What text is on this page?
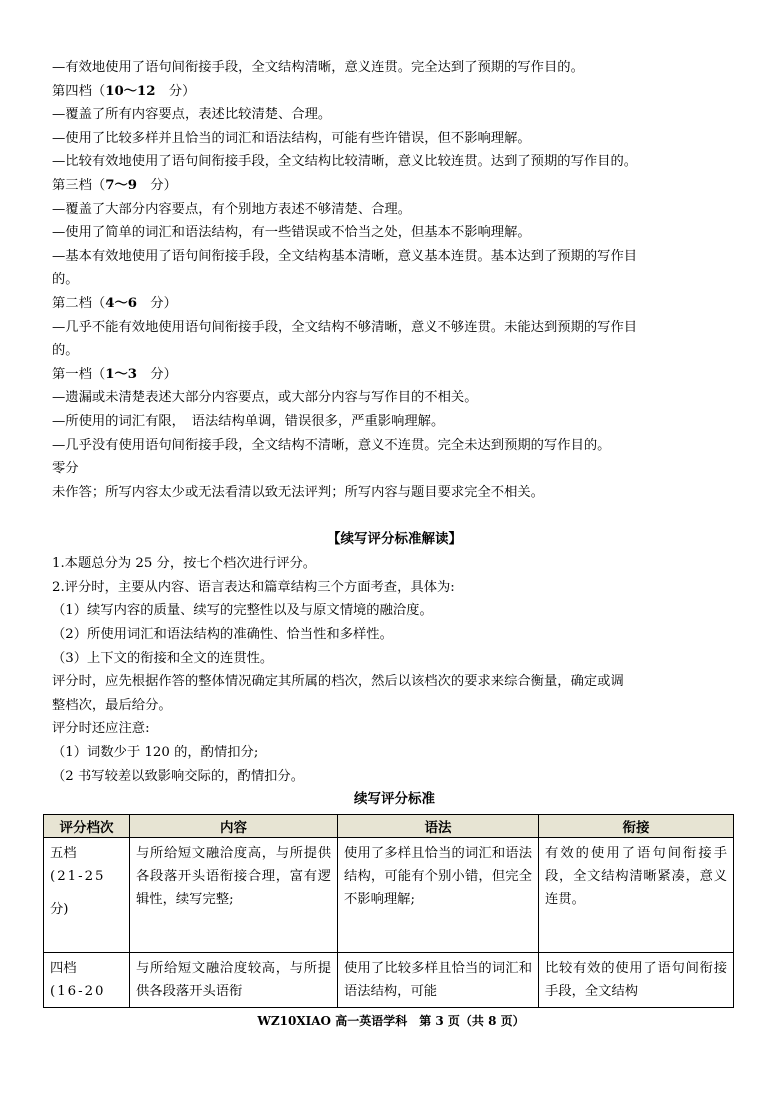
—有效地使用了语句间衔接手段，全文结构清晰，意义连贯。完全达到了预期的写作目的。
第四档（10～12　分）
—覆盖了所有内容要点，表述比较清楚、合理。
—使用了比较多样并且恰当的词汇和语法结构，可能有些许错误，但不影响理解。
—比较有效地使用了语句间衔接手段，全文结构比较清晰，意义比较连贯。达到了预期的写作目的。
第三档（7～9　分）
—覆盖了大部分内容要点，有个别地方表述不够清楚、合理。
—使用了简单的词汇和语法结构，有一些错误或不恰当之处，但基本不影响理解。
—基本有效地使用了语句间衔接手段，全文结构基本清晰，意义基本连贯。基本达到了预期的写作目
的。
第二档（4～6　分）
—几乎不能有效地使用语句间衔接手段，全文结构不够清晰，意义不够连贯。未能达到预期的写作目
的。
第一档（1～3　分）
—遗漏或未清楚表述大部分内容要点，或大部分内容与写作目的不相关。
—所使用的词汇有限，　语法结构单调，错误很多，严重影响理解。
—几乎没有使用语句间衔接手段，全文结构不清晰，意义不连贯。完全未达到预期的写作目的。
零分
未作答；所写内容太少或无法看清以致无法评判；所写内容与题目要求完全不相关。
【续写评分标准解读】
1.本题总分为 25 分，按七个档次进行评分。
2.评分时，主要从内容、语言表达和篇章结构三个方面考查，具体为:
（1）续写内容的质量、续写的完整性以及与原文情境的融洽度。
（2）所使用词汇和语法结构的准确性、恰当性和多样性。
（3）上下文的衔接和全文的连贯性。
评分时，应先根据作答的整体情况确定其所属的档次，然后以该档次的要求来综合衡量，确定或调
整档次，最后给分。
评分时还应注意:
（1）词数少于 120 的，酌情扣分;
（2 书写较差以致影响交际的，酌情扣分。
续写评分标准
评分档次	内容	语法	衔接

五档
(21-25
分)	与所给短文融洽度高，与所提供各段落开头语衔接合理，富有逻辑性，续写完整;	使用了多样且恰当的词汇和语法结构，可能有个别小错，但完全不影响理解;	有效的使用了语句间衔接手段，全文结构清晰紧凑，意义连贯。

四档
(16-20	与所给短文融洽度较高，与所提供各段落开头语衔	使用了比较多样且恰当的词汇和语法结构，可能	比较有效的使用了语句间衔接手段，全文结构
WZ10XIAO 高一英语学科　第 3 页（共 8 页）
